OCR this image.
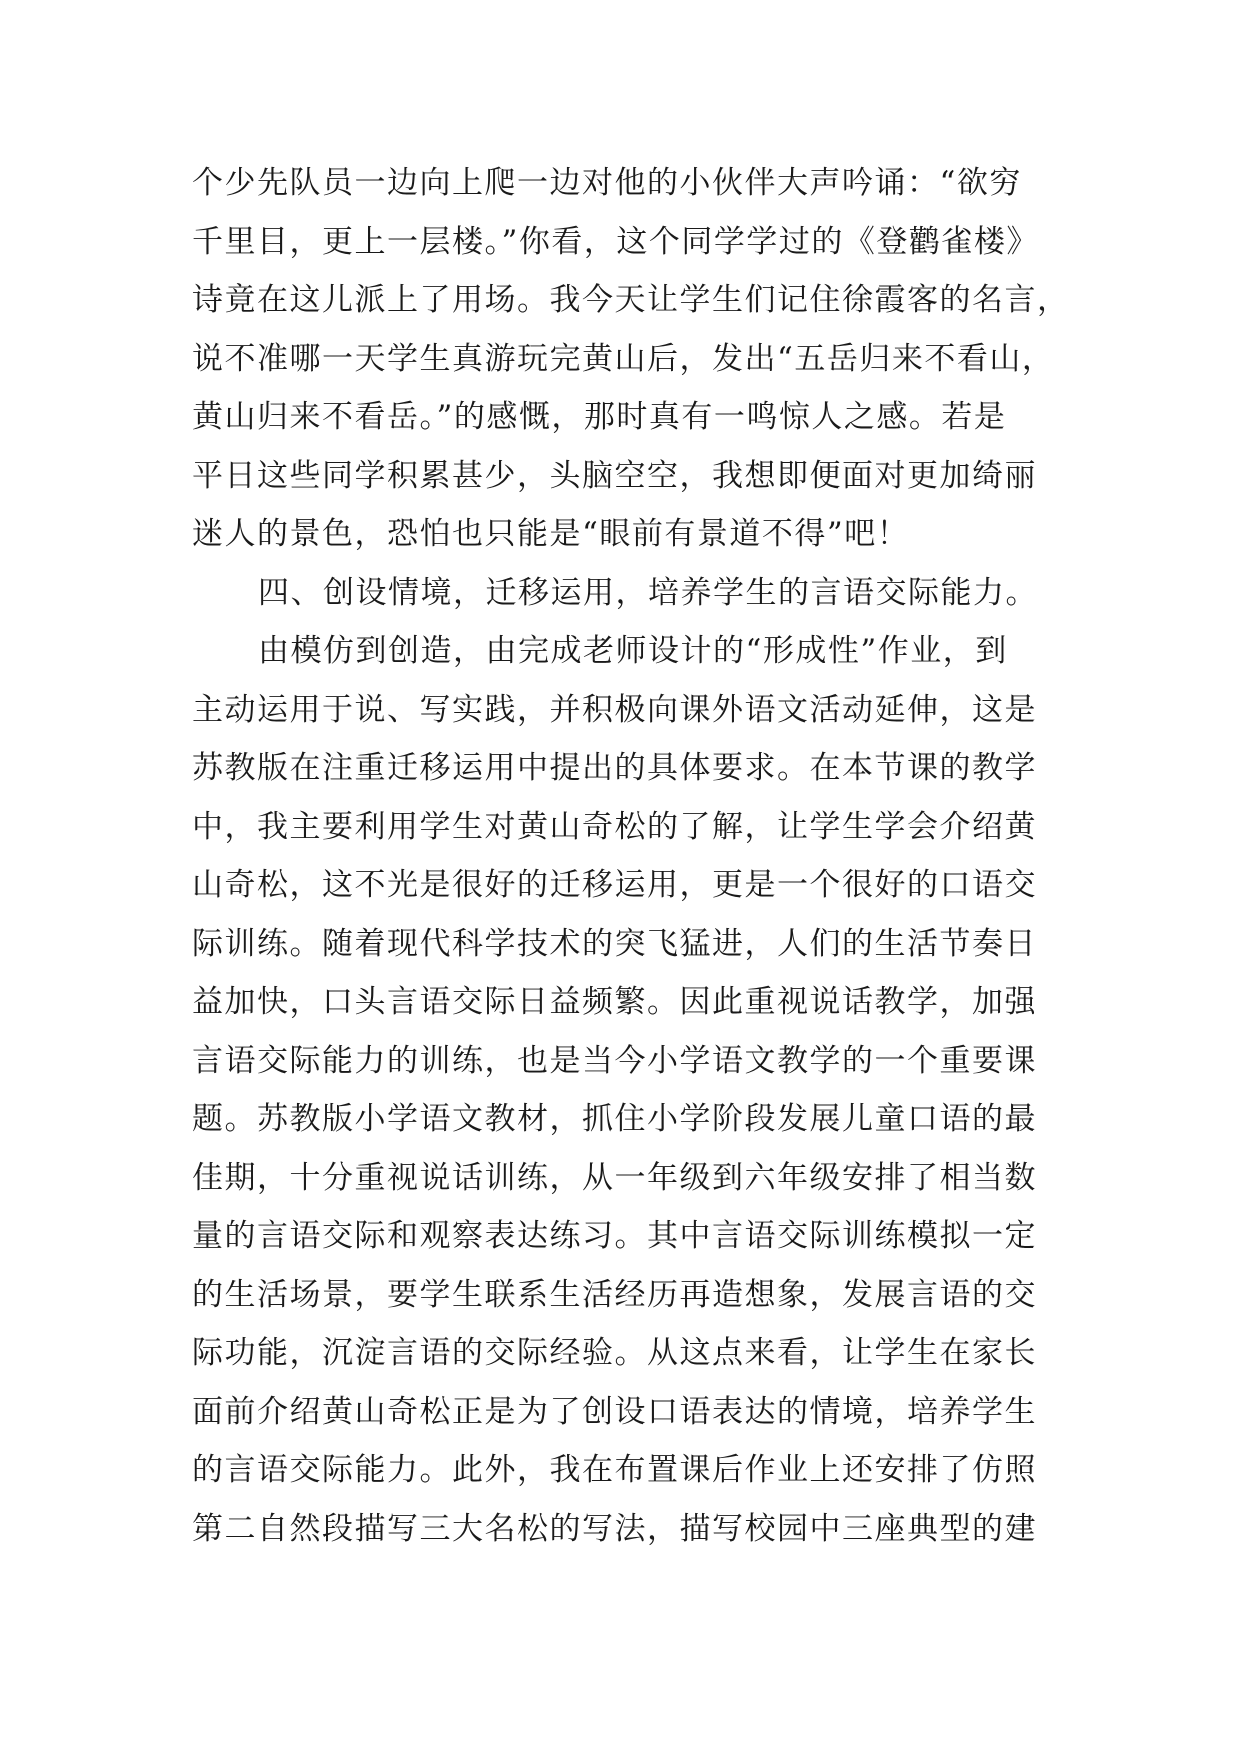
个少先队员一边向上爬一边对他的小伙伴大声吟诵：“欲穷
千里目，更上一层楼。”你看，这个同学学过的《登鹳雀楼》
诗竟在这儿派上了用场。我今天让学生们记住徐霞客的名言，
说不准哪一天学生真游玩完黄山后，发出“五岳归来不看山，
黄山归来不看岳。”的感慨，那时真有一鸣惊人之感。若是
平日这些同学积累甚少，头脑空空，我想即便面对更加绮丽
迷人的景色，恐怕也只能是“眼前有景道不得”吧！
四、创设情境，迁移运用，培养学生的言语交际能力。
由模仿到创造，由完成老师设计的“形成性”作业，到
主动运用于说、写实践，并积极向课外语文活动延伸，这是
苏教版在注重迁移运用中提出的具体要求。在本节课的教学
中，我主要利用学生对黄山奇松的了解，让学生学会介绍黄
山奇松，这不光是很好的迁移运用，更是一个很好的口语交
际训练。随着现代科学技术的突飞猛进，人们的生活节奏日
益加快，口头言语交际日益频繁。因此重视说话教学，加强
言语交际能力的训练，也是当今小学语文教学的一个重要课
题。苏教版小学语文教材，抓住小学阶段发展儿童口语的最
佳期，十分重视说话训练，从一年级到六年级安排了相当数
量的言语交际和观察表达练习。其中言语交际训练模拟一定
的生活场景，要学生联系生活经历再造想象，发展言语的交
际功能，沉淀言语的交际经验。从这点来看，让学生在家长
面前介绍黄山奇松正是为了创设口语表达的情境，培养学生
的言语交际能力。此外，我在布置课后作业上还安排了仿照
第二自然段描写三大名松的写法，描写校园中三座典型的建
